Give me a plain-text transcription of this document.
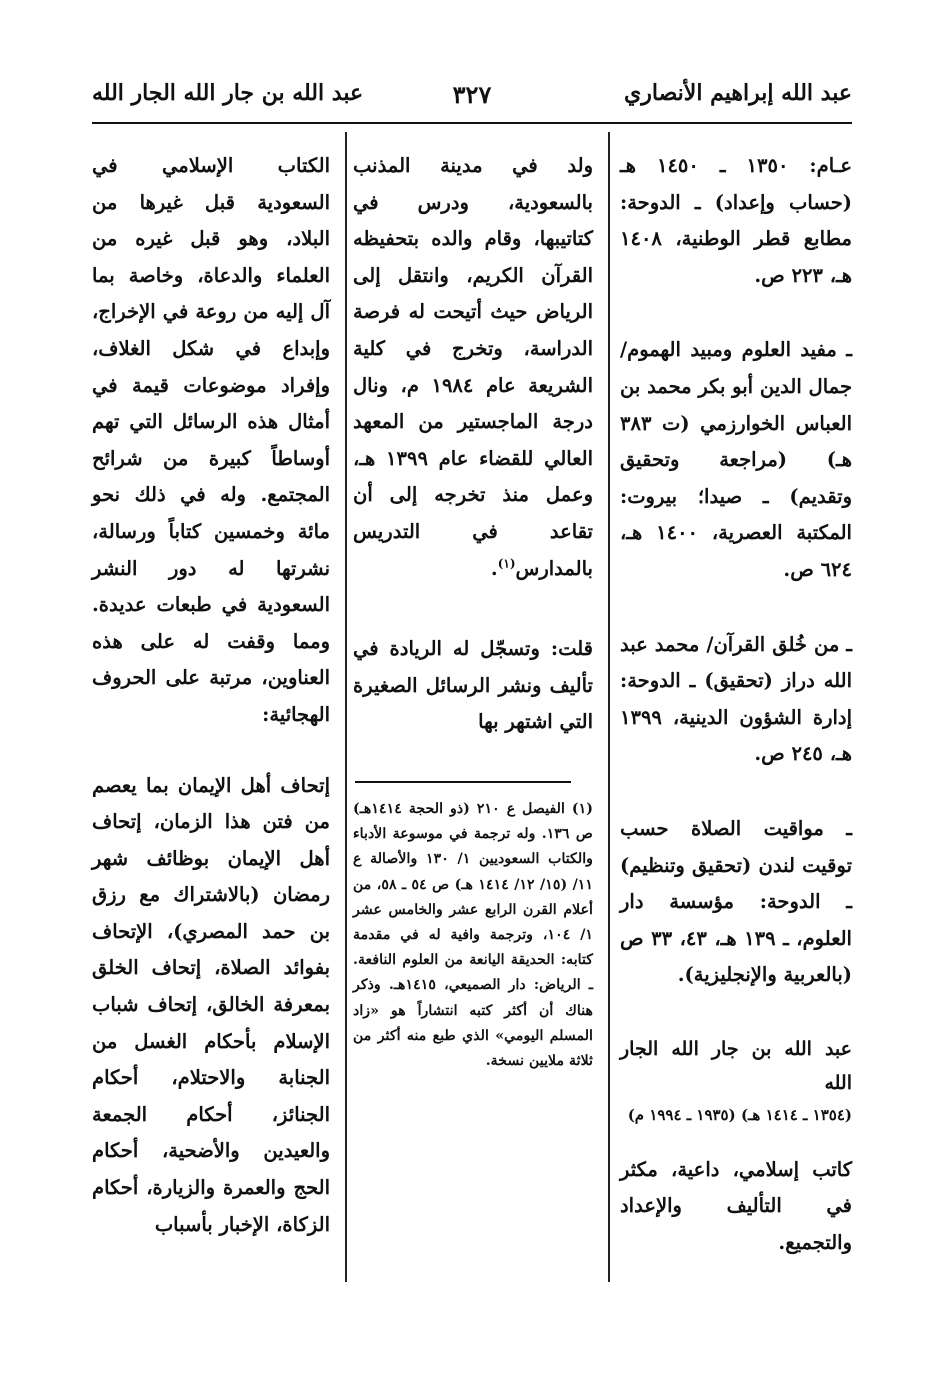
عبد الله إبراهيم الأنصاري
٣٢٧
عبد الله بن جار الله الجار الله

عـام: ١٣٥٠ ـ ١٤٥٠ هـ (حساب وإعداد) ـ الدوحة: مطابع قطر الوطنية، ١٤٠٨ هـ، ٢٢٣ ص.

ـ مفيد العلوم ومبيد الهموم/ جمال الدين أبو بكر محمد بن العباس الخوارزمي (ت ٣٨٣ هـ) (مراجعة وتحقيق وتقديم) ـ صيدا؛ بيروت: المكتبة العصرية، ١٤٠٠ هـ، ٦٢٤ ص.

ـ من خُلق القرآن/ محمد عبد الله دراز (تحقيق) ـ الدوحة: إدارة الشؤون الدينية، ١٣٩٩ هـ، ٢٤٥ ص.

ـ مواقيت الصلاة حسب توقيت لندن (تحقيق وتنظيم) ـ الدوحة: مؤسسة دار العلوم، ـ ١٣٩ هـ، ٤٣، ٣٣ ص (بالعربية والإنجليزية).

عبد الله بن جار الله الجار الله
(١٣٥٤ ـ ١٤١٤ هـ) (١٩٣٥ ـ ١٩٩٤ م)

كاتب إسلامي، داعية، مكثر في التأليف والإعداد والتجميع.

ولد في مدينة المذنب بالسعودية، ودرس في كتاتيبها، وقام والده بتحفيظه القرآن الكريم، وانتقل إلى الرياض حيث أتيحت له فرصة الدراسة، وتخرج في كلية الشريعة عام ١٩٨٤ م، ونال درجة الماجستير من المعهد العالي للقضاء عام ١٣٩٩ هـ، وعمل منذ تخرجه إلى أن تقاعد في التدريس بالمدارس$^{(١)}$.

قلت: وتسجّل له الريادة في تأليف ونشر الرسائل الصغيرة التي اشتهر بها

(١) الفيصل ع ٢١٠ (ذو الحجة ١٤١٤هـ) ص ١٣٦. وله ترجمة في موسوعة الأدباء والكتاب السعوديين ١/ ١٣٠ والأصالة ع ١١/ (١٥/ ١٢/ ١٤١٤ هـ) ص ٥٤ ـ ٥٨، من أعلام القرن الرابع عشر والخامس عشر ١/ ١٠٤، وترجمة وافية له في مقدمة كتابه: الحديقة اليانعة من العلوم النافعة. ـ الرياض: دار الصميعي، ١٤١٥هـ. وذكر هناك أن أكثر كتبه انتشاراً هو «زاد المسلم اليومي» الذي طبع منه أكثر من ثلاثة ملايين نسخة.

الكتاب الإسلامي في السعودية قبل غيرها من البلاد، وهو قبل غيره من العلماء والدعاة، وخاصة بما آل إليه من روعة في الإخراج، وإبداع في شكل الغلاف، وإفراد موضوعات قيمة في أمثال هذه الرسائل التي تهم أوساطاً كبيرة من شرائح المجتمع. وله في ذلك نحو مائة وخمسين كتاباً ورسالة، نشرتها له دور النشر السعودية في طبعات عديدة. ومما وقفت له على هذه العناوين، مرتبة على الحروف الهجائية:

إتحاف أهل الإيمان بما يعصم من فتن هذا الزمان، إتحاف أهل الإيمان بوظائف شهر رمضان (بالاشتراك مع رزق بن حمد المصري)، الإتحاف بفوائد الصلاة، إتحاف الخلق بمعرفة الخالق، إتحاف شباب الإسلام بأحكام الغسل من الجنابة والاحتلام، أحكام الجنائز، أحكام الجمعة والعيدين والأضحية، أحكام الحج والعمرة والزيارة، أحكام الزكاة، الإخبار بأسباب
